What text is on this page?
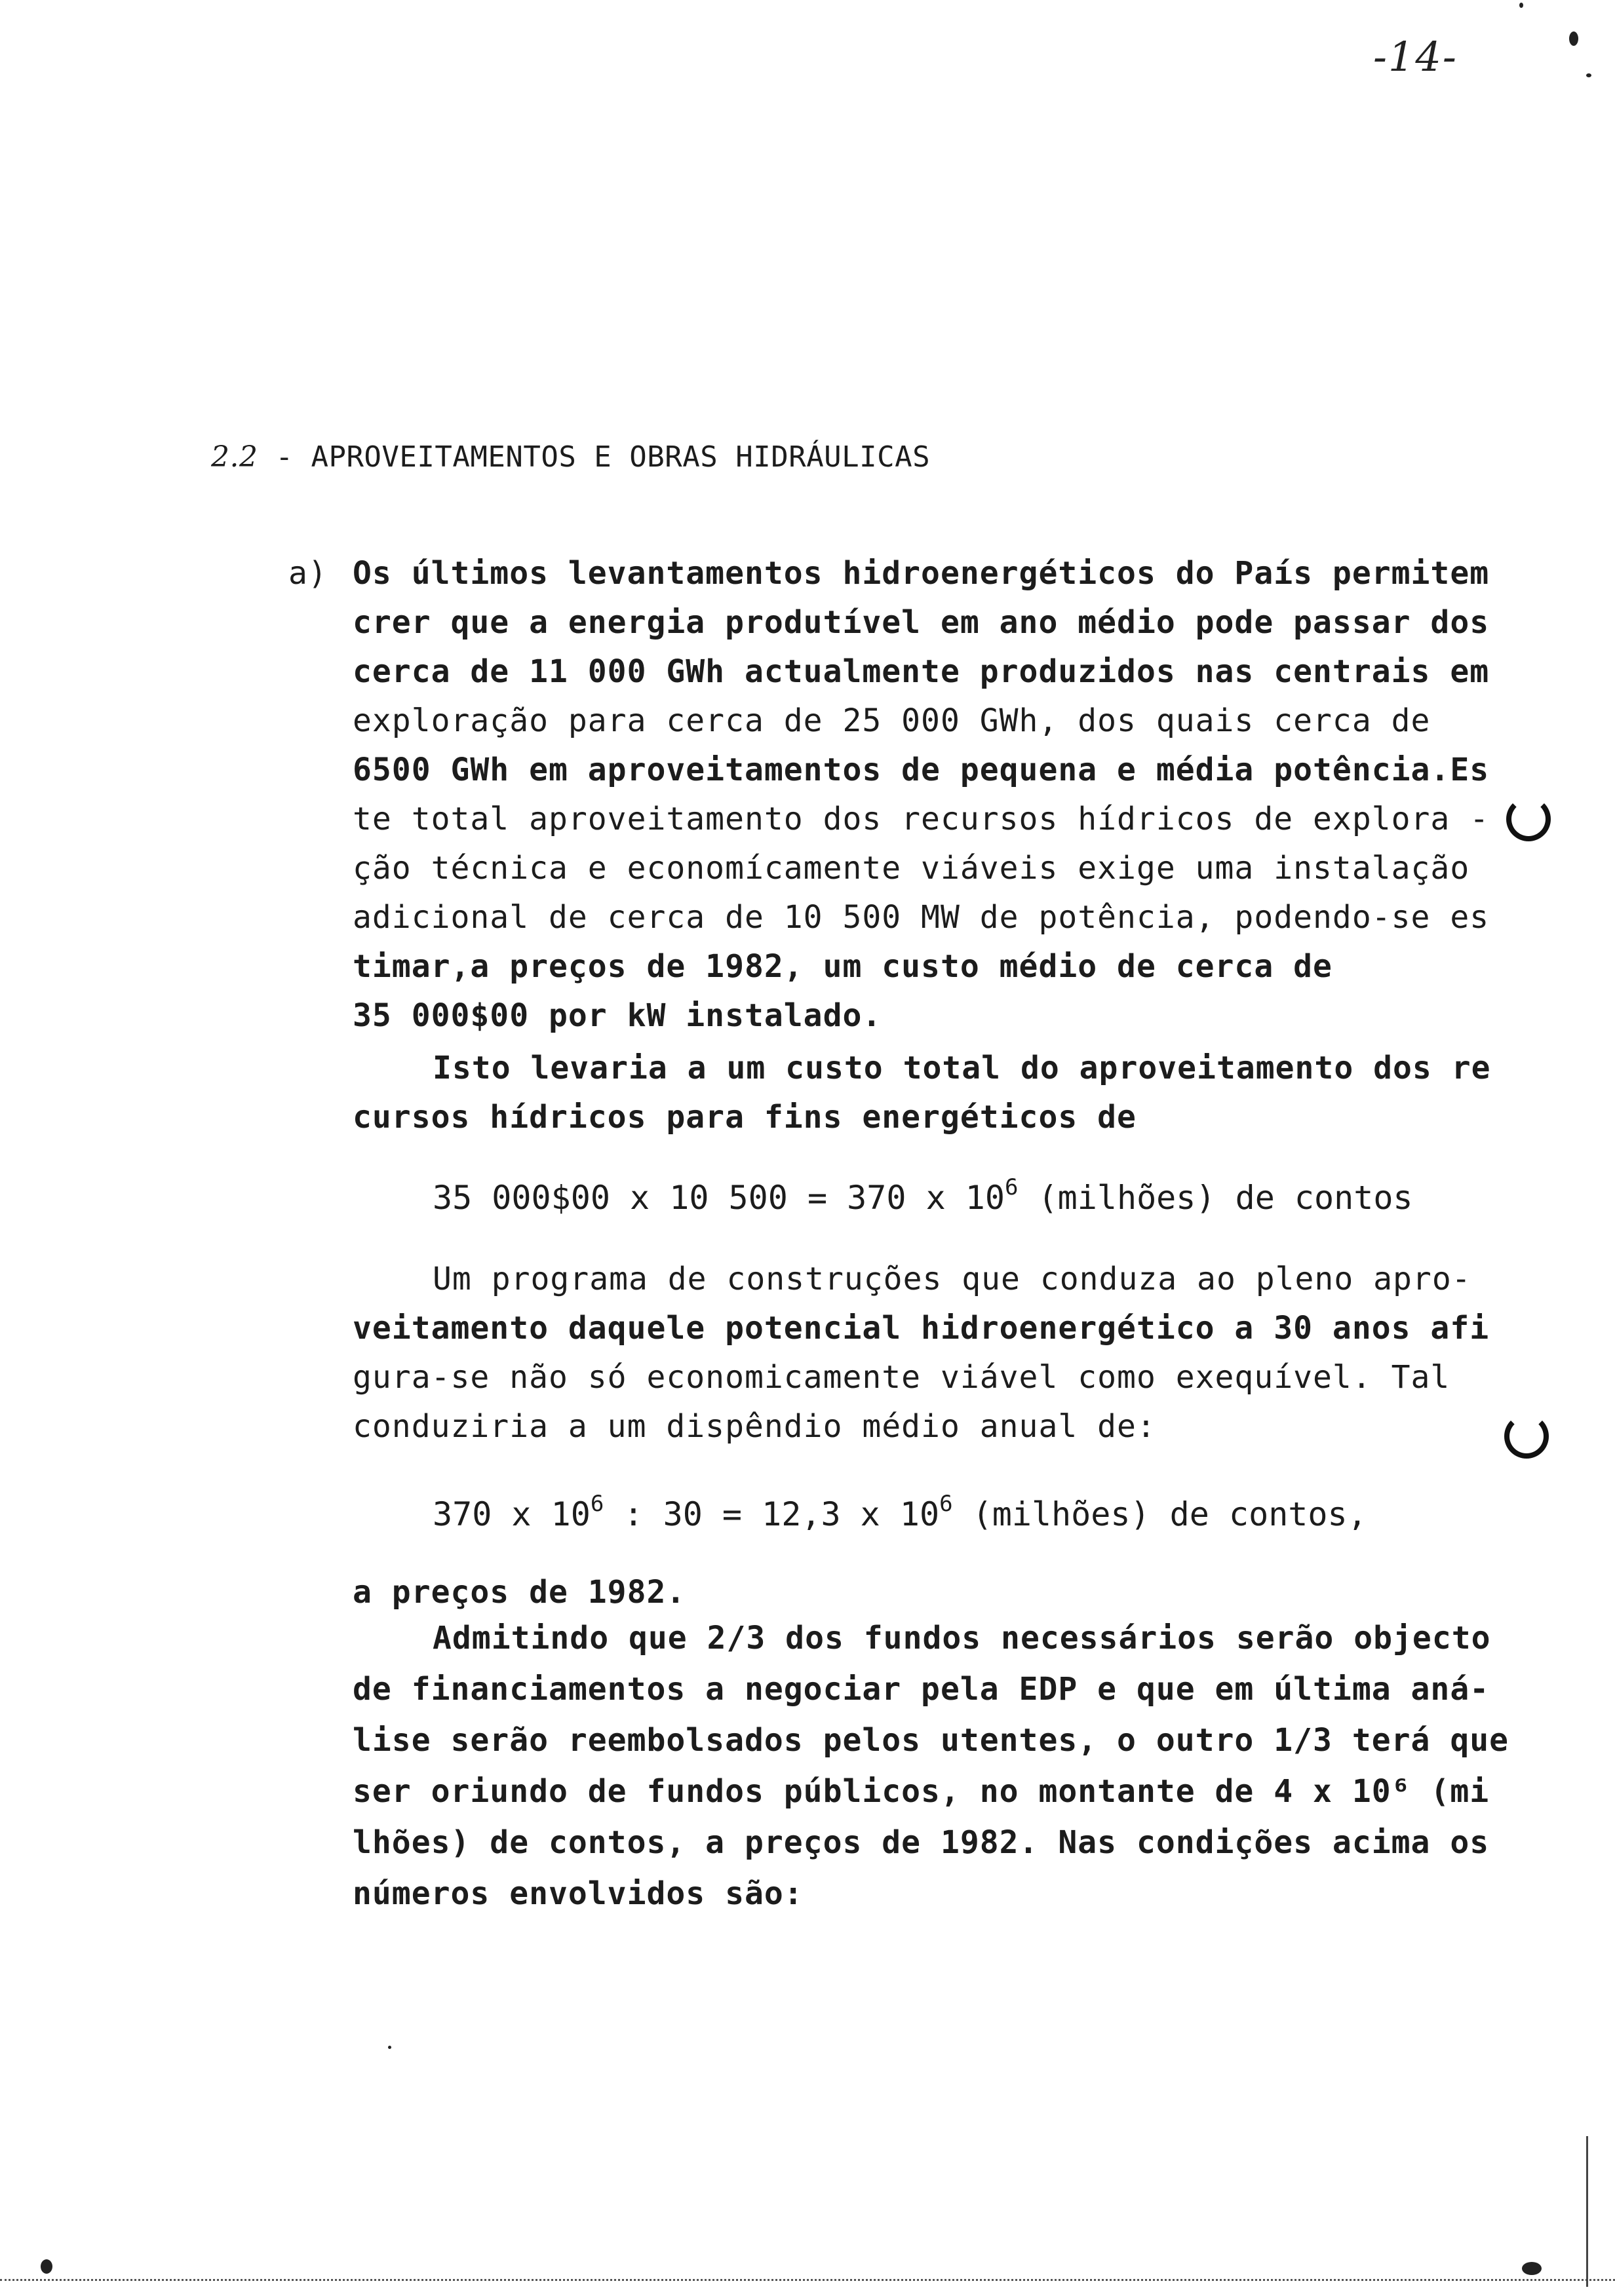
-14-
2.2 - APROVEITAMENTOS E OBRAS HIDRÁULICAS
a) Os últimos levantamentos hidroenergéticos do País permitem
crer que a energia produtível em ano médio pode passar dos
cerca de 11 000 GWh actualmente produzidos nas centrais em
exploração para cerca de 25 000 GWh, dos quais cerca de
6500 GWh em aproveitamentos de pequena e média potência.Es
te total aproveitamento dos recursos hídricos de explora -
ção técnica e economícamente viáveis exige uma instalação
adicional de cerca de 10 500 MW de potência, podendo-se es
timar,a preços de 1982, um custo médio de cerca de
35 000$00 por kW instalado.
Isto levaria a um custo total do aproveitamento dos re
cursos hídricos para fins energéticos de
35 000$00 x 10 500 = 370 x $10^6$ (milhões) de contos
Um programa de construções que conduza ao pleno apro-
veitamento daquele potencial hidroenergético a 30 anos afi
gura-se não só economicamente viável como exequível. Tal
conduziria a um dispêndio médio anual de:
370 x $10^6$ : 30 = 12,3 x $10^6$ (milhões) de contos,
a preços de 1982.
Admitindo que 2/3 dos fundos necessários serão objecto
de financiamentos a negociar pela EDP e que em última aná-
lise serão reembolsados pelos utentes, o outro 1/3 terá que
ser oriundo de fundos públicos, no montante de 4 x 10⁶ (mi
lhões) de contos, a preços de 1982. Nas condições acima os
números envolvidos são:
